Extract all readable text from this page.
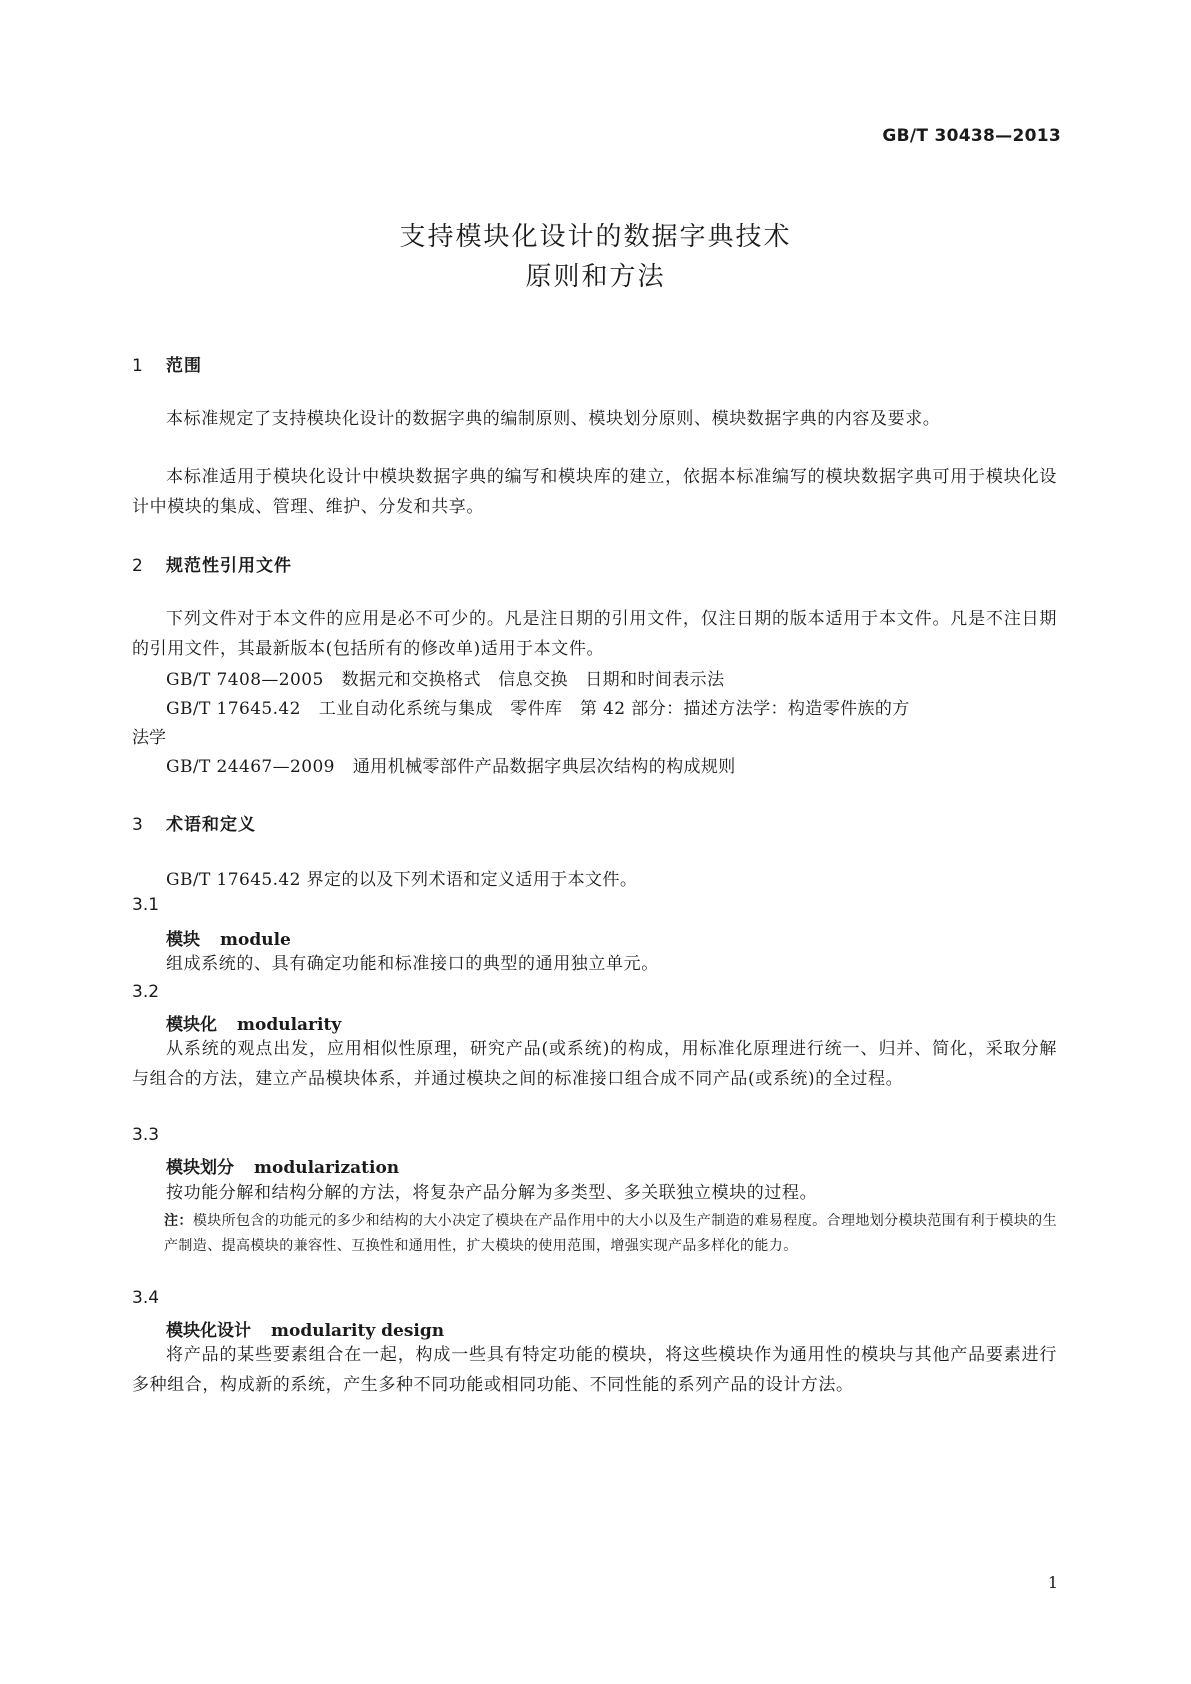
GB/T 30438—2013
支持模块化设计的数据字典技术
原则和方法
1 范围
本标准规定了支持模块化设计的数据字典的编制原则、模块划分原则、模块数据字典的内容及要求。
本标准适用于模块化设计中模块数据字典的编写和模块库的建立，依据本标准编写的模块数据字典可用于模块化设计中模块的集成、管理、维护、分发和共享。
2 规范性引用文件
下列文件对于本文件的应用是必不可少的。凡是注日期的引用文件，仅注日期的版本适用于本文件。凡是不注日期的引用文件，其最新版本(包括所有的修改单)适用于本文件。
GB/T 7408—2005 数据元和交换格式　信息交换　日期和时间表示法
GB/T 17645.42 工业自动化系统与集成　零件库　第 42 部分：描述方法学：构造零件族的方
法学
GB/T 24467—2009 通用机械零部件产品数据字典层次结构的构成规则
3 术语和定义
GB/T 17645.42 界定的以及下列术语和定义适用于本文件。
3.1
模块 module
组成系统的、具有确定功能和标准接口的典型的通用独立单元。
3.2
模块化 modularity
从系统的观点出发，应用相似性原理，研究产品(或系统)的构成，用标准化原理进行统一、归并、简化，采取分解与组合的方法，建立产品模块体系，并通过模块之间的标准接口组合成不同产品(或系统)的全过程。
3.3
模块划分 modularization
按功能分解和结构分解的方法，将复杂产品分解为多类型、多关联独立模块的过程。
注：模块所包含的功能元的多少和结构的大小决定了模块在产品作用中的大小以及生产制造的难易程度。合理地划分模块范围有利于模块的生产制造、提高模块的兼容性、互换性和通用性，扩大模块的使用范围，增强实现产品多样化的能力。
3.4
模块化设计 modularity design
将产品的某些要素组合在一起，构成一些具有特定功能的模块，将这些模块作为通用性的模块与其他产品要素进行多种组合，构成新的系统，产生多种不同功能或相同功能、不同性能的系列产品的设计方法。
1
